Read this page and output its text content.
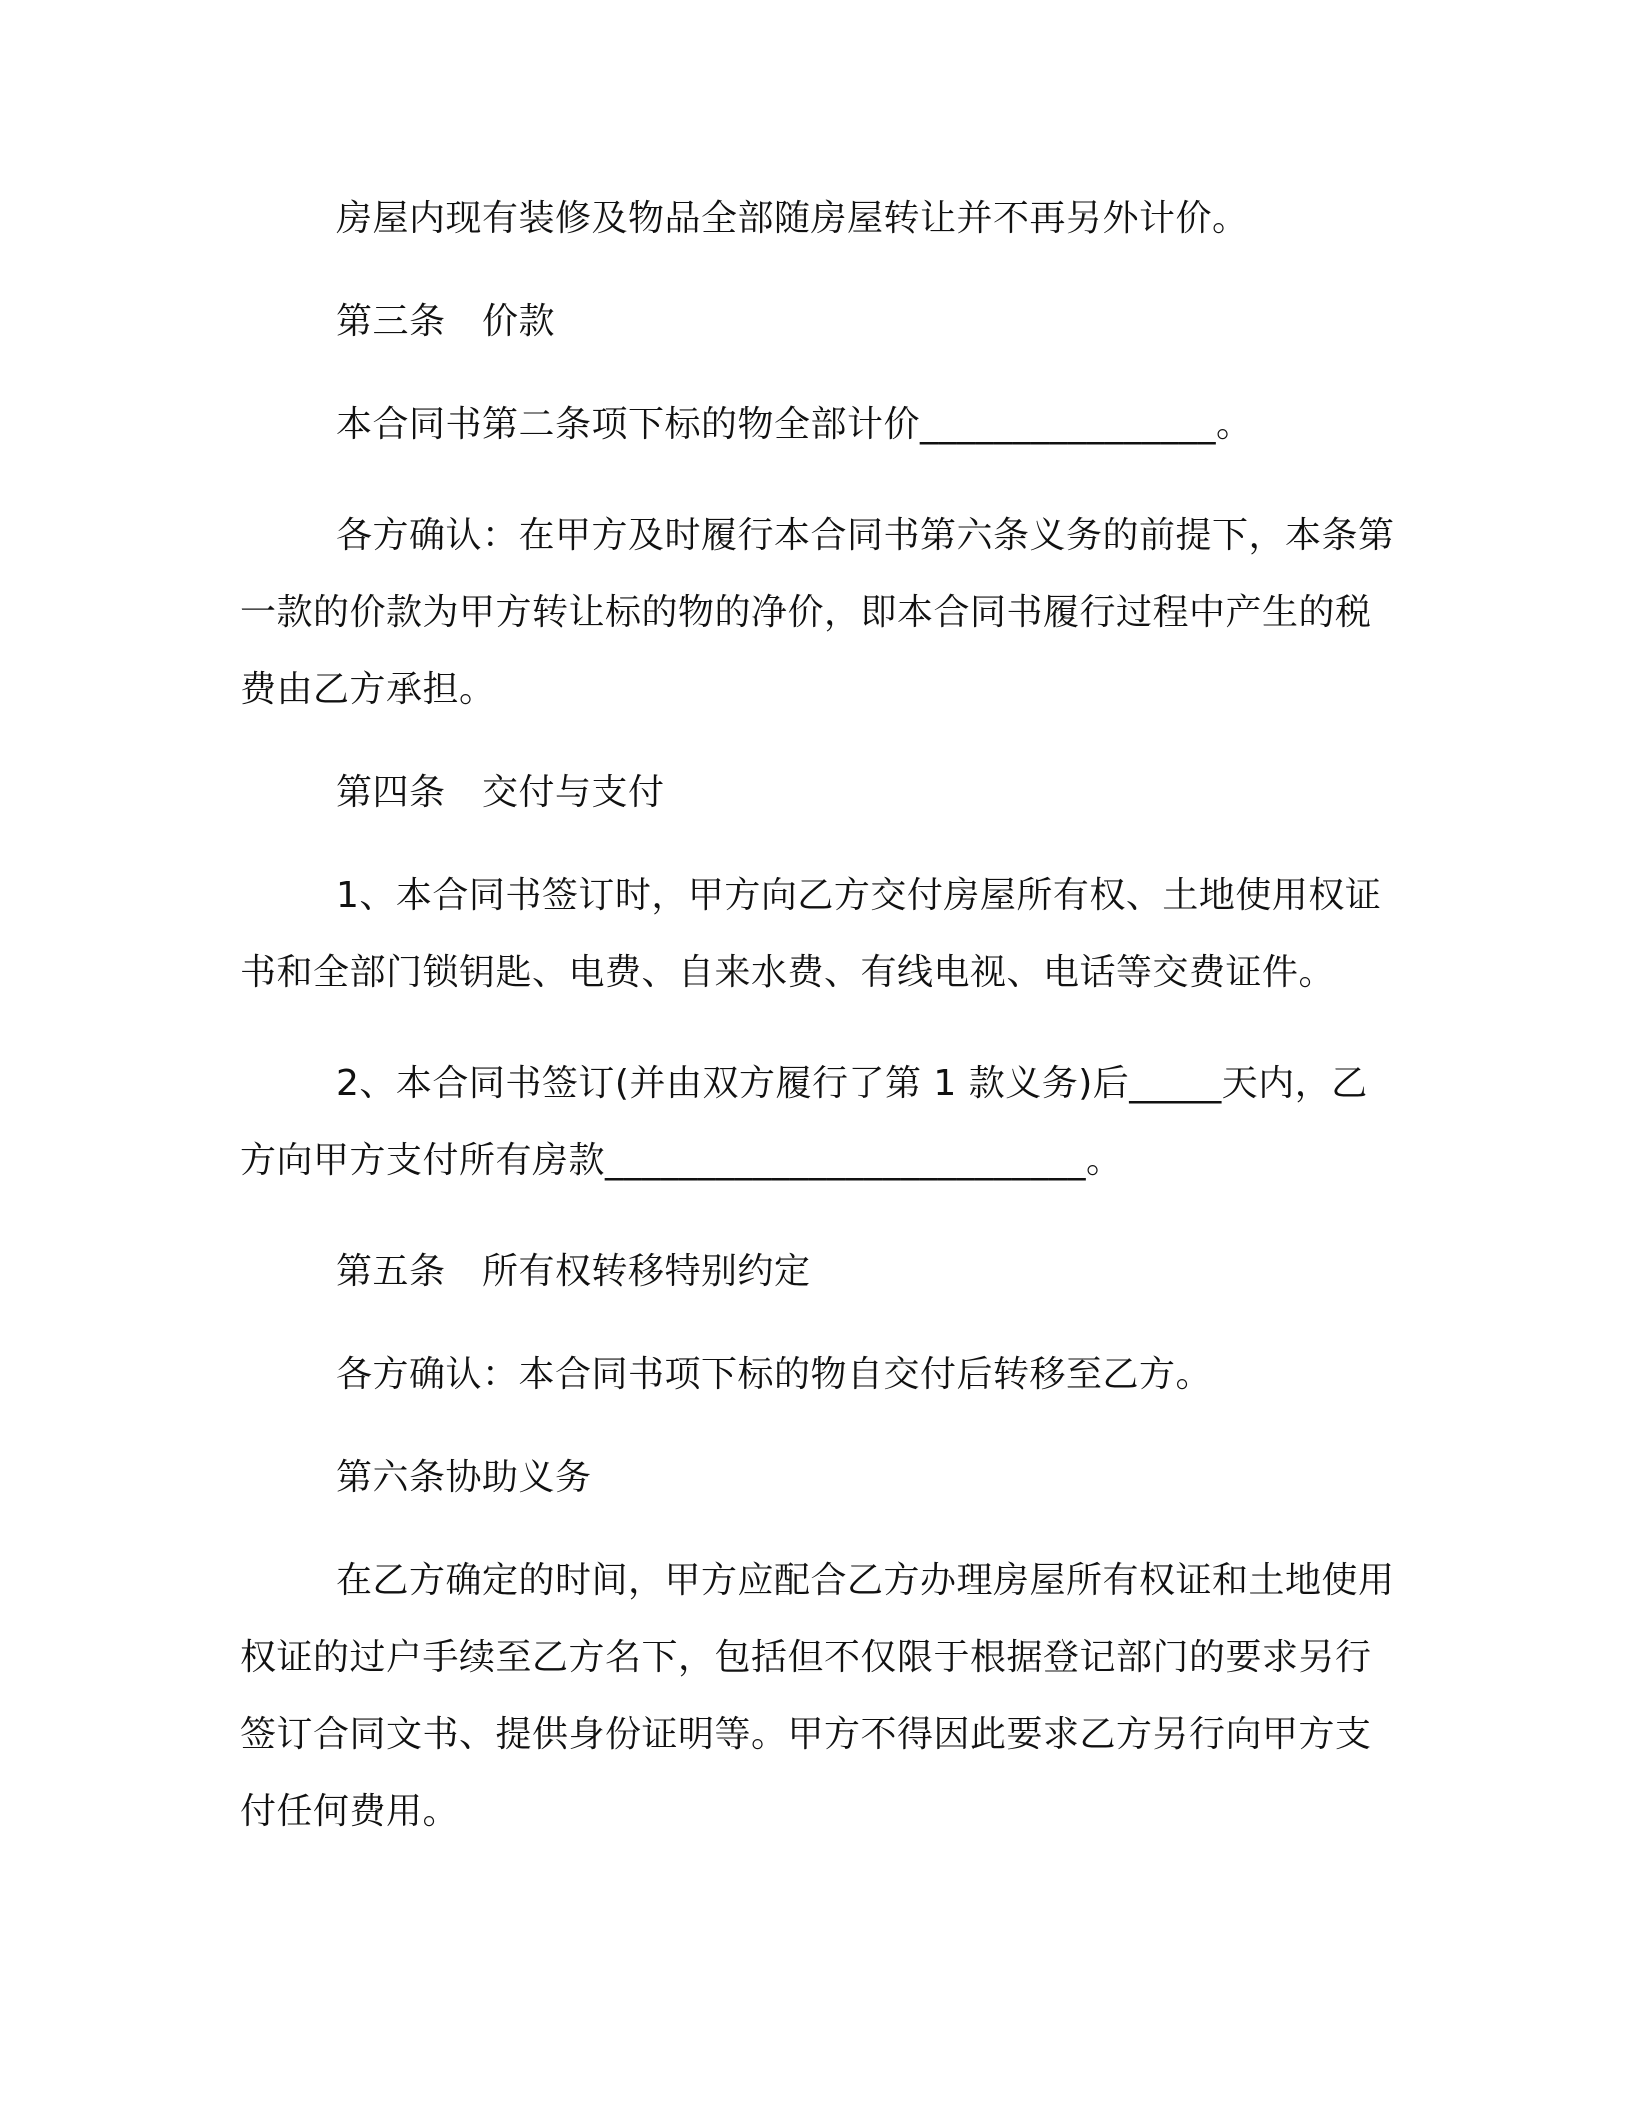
房屋内现有装修及物品全部随房屋转让并不再另外计价。

第三条　价款

本合同书第二条项下标的物全部计价________________。

各方确认：在甲方及时履行本合同书第六条义务的前提下，本条第一款的价款为甲方转让标的物的净价，即本合同书履行过程中产生的税费由乙方承担。

第四条　交付与支付

1、本合同书签订时，甲方向乙方交付房屋所有权、土地使用权证书和全部门锁钥匙、电费、自来水费、有线电视、电话等交费证件。

2、本合同书签订(并由双方履行了第 1 款义务)后_____天内，乙方向甲方支付所有房款__________________________。

第五条　所有权转移特别约定

各方确认：本合同书项下标的物自交付后转移至乙方。

第六条协助义务

在乙方确定的时间，甲方应配合乙方办理房屋所有权证和土地使用权证的过户手续至乙方名下，包括但不仅限于根据登记部门的要求另行签订合同文书、提供身份证明等。甲方不得因此要求乙方另行向甲方支付任何费用。
